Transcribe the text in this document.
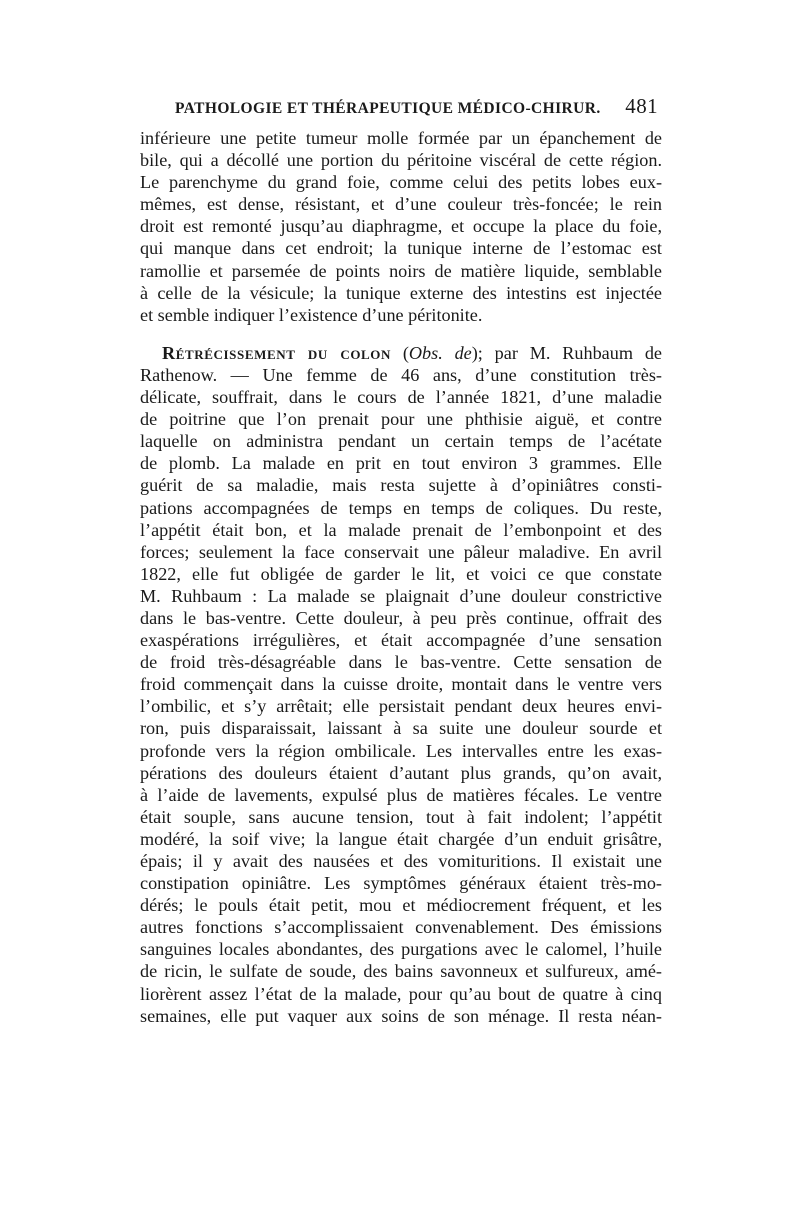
PATHOLOGIE ET THÉRAPEUTIQUE MÉDICO-CHIRUR. 481
inférieure une petite tumeur molle formée par un épanchement de
bile, qui a décollé une portion du péritoine viscéral de cette région.
Le parenchyme du grand foie, comme celui des petits lobes eux-
mêmes, est dense, résistant, et d’une couleur très-foncée; le rein
droit est remonté jusqu’au diaphragme, et occupe la place du foie,
qui manque dans cet endroit; la tunique interne de l’estomac est
ramollie et parsemée de points noirs de matière liquide, semblable
à celle de la vésicule; la tunique externe des intestins est injectée
et semble indiquer l’existence d’une péritonite.
Rétrécissement du colon (Obs. de); par M. Ruhbaum de
Rathenow. — Une femme de 46 ans, d’une constitution très-
délicate, souffrait, dans le cours de l’année 1821, d’une maladie
de poitrine que l’on prenait pour une phthisie aiguë, et contre
laquelle on administra pendant un certain temps de l’acétate
de plomb. La malade en prit en tout environ 3 grammes. Elle
guérit de sa maladie, mais resta sujette à d’opiniâtres consti-
pations accompagnées de temps en temps de coliques. Du reste,
l’appétit était bon, et la malade prenait de l’embonpoint et des
forces; seulement la face conservait une pâleur maladive. En avril
1822, elle fut obligée de garder le lit, et voici ce que constate
M. Ruhbaum : La malade se plaignait d’une douleur constrictive
dans le bas-ventre. Cette douleur, à peu près continue, offrait des
exaspérations irrégulières, et était accompagnée d’une sensation
de froid très-désagréable dans le bas-ventre. Cette sensation de
froid commençait dans la cuisse droite, montait dans le ventre vers
l’ombilic, et s’y arrêtait; elle persistait pendant deux heures envi-
ron, puis disparaissait, laissant à sa suite une douleur sourde et
profonde vers la région ombilicale. Les intervalles entre les exas-
pérations des douleurs étaient d’autant plus grands, qu’on avait,
à l’aide de lavements, expulsé plus de matières fécales. Le ventre
était souple, sans aucune tension, tout à fait indolent; l’appétit
modéré, la soif vive; la langue était chargée d’un enduit grisâtre,
épais; il y avait des nausées et des vomituritions. Il existait une
constipation opiniâtre. Les symptômes généraux étaient très-mo-
dérés; le pouls était petit, mou et médiocrement fréquent, et les
autres fonctions s’accomplissaient convenablement. Des émissions
sanguines locales abondantes, des purgations avec le calomel, l’huile
de ricin, le sulfate de soude, des bains savonneux et sulfureux, amé-
liorèrent assez l’état de la malade, pour qu’au bout de quatre à cinq
semaines, elle put vaquer aux soins de son ménage. Il resta néan-
